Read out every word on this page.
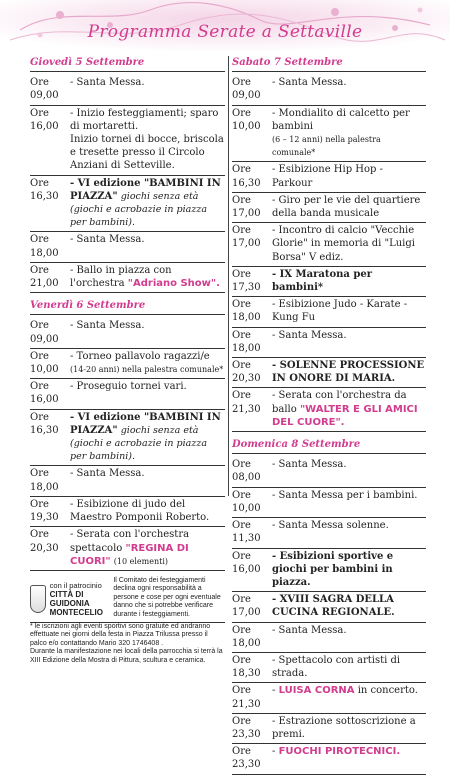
Programma Serate a Settaville
Giovedì 5 Settembre
Ore 09,00
- Santa Messa.
Ore 16,00
- Inizio festeggiamenti; sparo di mortaretti.
Inizio tornei di bocce, briscola e tresette presso il Circolo Anziani di Setteville.
Ore 16,30
- VI edizione "BAMBINI IN PIAZZA" giochi senza età (giochi e acrobazie in piazza per bambini).
Ore 18,00
- Santa Messa.
Ore 21,00
- Ballo in piazza con l'orchestra "Adriano Show".
Venerdì 6 Settembre
Ore 09,00
- Santa Messa.
Ore 10,00
- Torneo pallavolo ragazzi/e
(14-20 anni) nella palestra comunale*
Ore 16,00
- Proseguio tornei vari.
Ore 16,30
- VI edizione "BAMBINI IN PIAZZA" giochi senza età (giochi e acrobazie in piazza per bambini).
Ore 18,00
- Santa Messa.
Ore 19,30
- Esibizione di judo del Maestro Pomponii Roberto.
Ore 20,30
- Serata con l'orchestra spettacolo "REGINA DI CUORI" (10 elementi)
con il patrocinio
CITTÀ DI GUIDONIA
MONTECELIO
Il Comitato dei festeggiamenti declina ogni responsabilità a persone e cose per ogni eventuale danno che si potrebbe verificare durante i festeggiamenti.
* le iscrizioni agli eventi sportivi sono gratuite ed andranno effettuate nei giorni della festa in Piazza Trilussa presso il palco e/o contattando Mario 320 1746408 .
Durante la manifestazione nei locali della parrocchia si terrà la XIII Edizione della Mostra di Pittura, scultura e ceramica.
Sabato 7 Settembre
Ore 09,00
- Santa Messa.
Ore 10,00
- Mondialito di calcetto per bambini
(6 – 12 anni) nella palestra comunale*
Ore 16,30
- Esibizione Hip Hop - Parkour
Ore 17,00
- Giro per le vie del quartiere della banda musicale
Ore 17,00
- Incontro di calcio "Vecchie Glorie" in memoria di "Luigi Borsa" V ediz.
Ore 17,30
- IX Maratona per bambini*
Ore 18,00
- Esibizione Judo - Karate - Kung Fu
Ore 18,00
- Santa Messa.
Ore 20,30
- SOLENNE PROCESSIONE IN ONORE DI MARIA.
Ore 21,30
- Serata con l'orchestra da ballo "WALTER E GLI AMICI DEL CUORE".
Domenica 8 Settembre
Ore 08,00
- Santa Messa.
Ore 10,00
- Santa Messa per i bambini.
Ore 11,30
- Santa Messa solenne.
Ore 16,00
- Esibizioni sportive e giochi per bambini in piazza.
Ore 17,00
- XVIII SAGRA DELLA CUCINA REGIONALE.
Ore 18,00
- Santa Messa.
Ore 18,30
- Spettacolo con artisti di strada.
Ore 21,30
- LUISA CORNA in concerto.
Ore 23,30
- Estrazione sottoscrizione a premi.
Ore 23,30
- FUOCHI PIROTECNICI.
